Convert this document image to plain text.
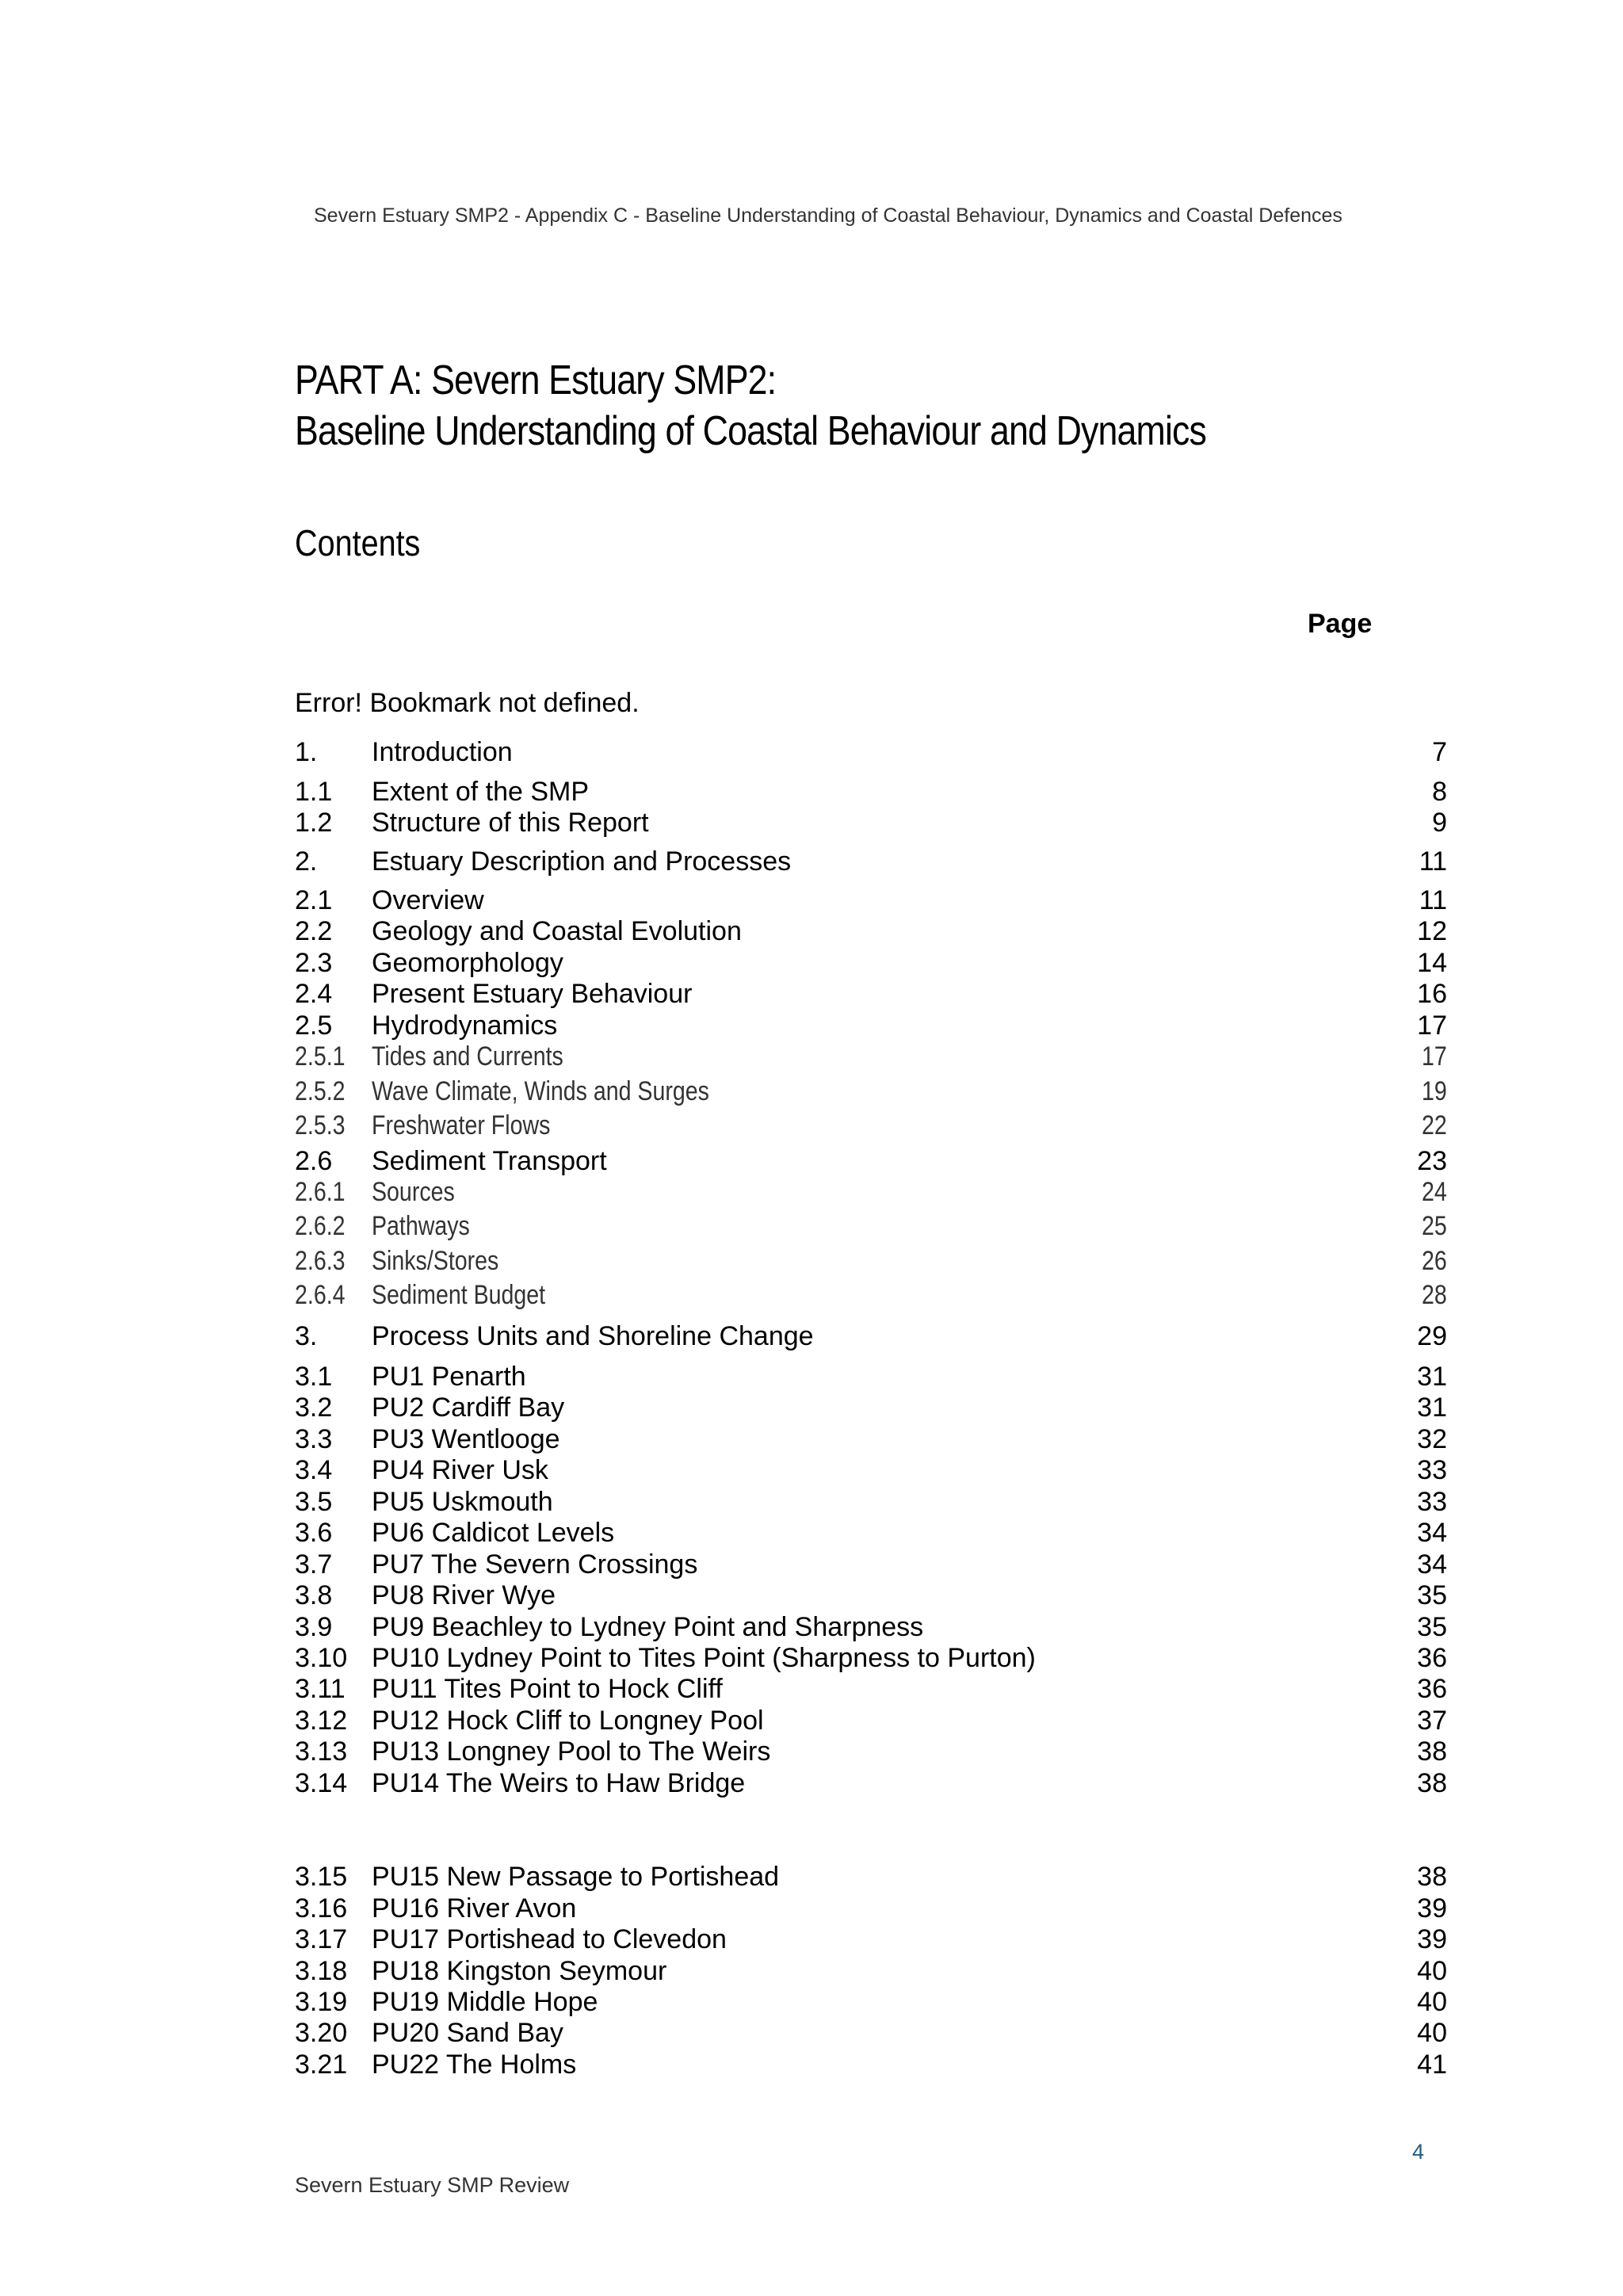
Severn Estuary SMP2 - Appendix C - Baseline Understanding of Coastal Behaviour, Dynamics and Coastal Defences
PART A: Severn Estuary SMP2:
Baseline Understanding of Coastal Behaviour and Dynamics
Contents
Page
Error! Bookmark not defined.
1. Introduction	7
1.1 Extent of the SMP	8
1.2 Structure of this Report	9
2. Estuary Description and Processes	11
2.1 Overview	11
2.2 Geology and Coastal Evolution	12
2.3 Geomorphology	14
2.4 Present Estuary Behaviour	16
2.5 Hydrodynamics	17
2.5.1 Tides and Currents	17
2.5.2 Wave Climate, Winds and Surges	19
2.5.3 Freshwater Flows	22
2.6 Sediment Transport	23
2.6.1 Sources	24
2.6.2 Pathways	25
2.6.3 Sinks/Stores	26
2.6.4 Sediment Budget	28
3. Process Units and Shoreline Change	29
3.1 PU1 Penarth	31
3.2 PU2 Cardiff Bay	31
3.3 PU3 Wentlooge	32
3.4 PU4 River Usk	33
3.5 PU5 Uskmouth	33
3.6 PU6 Caldicot Levels	34
3.7 PU7 The Severn Crossings	34
3.8 PU8 River Wye	35
3.9 PU9 Beachley to Lydney Point and Sharpness	35
3.10 PU10 Lydney Point to Tites Point (Sharpness to Purton)	36
3.11 PU11 Tites Point to Hock Cliff	36
3.12 PU12 Hock Cliff to Longney Pool	37
3.13 PU13 Longney Pool to The Weirs	38
3.14 PU14 The Weirs to Haw Bridge	38
3.15 PU15 New Passage to Portishead	38
3.16 PU16 River Avon	39
3.17 PU17 Portishead to Clevedon	39
3.18 PU18 Kingston Seymour	40
3.19 PU19 Middle Hope	40
3.20 PU20 Sand Bay	40
3.21 PU22 The Holms	41
4
Severn Estuary SMP Review
